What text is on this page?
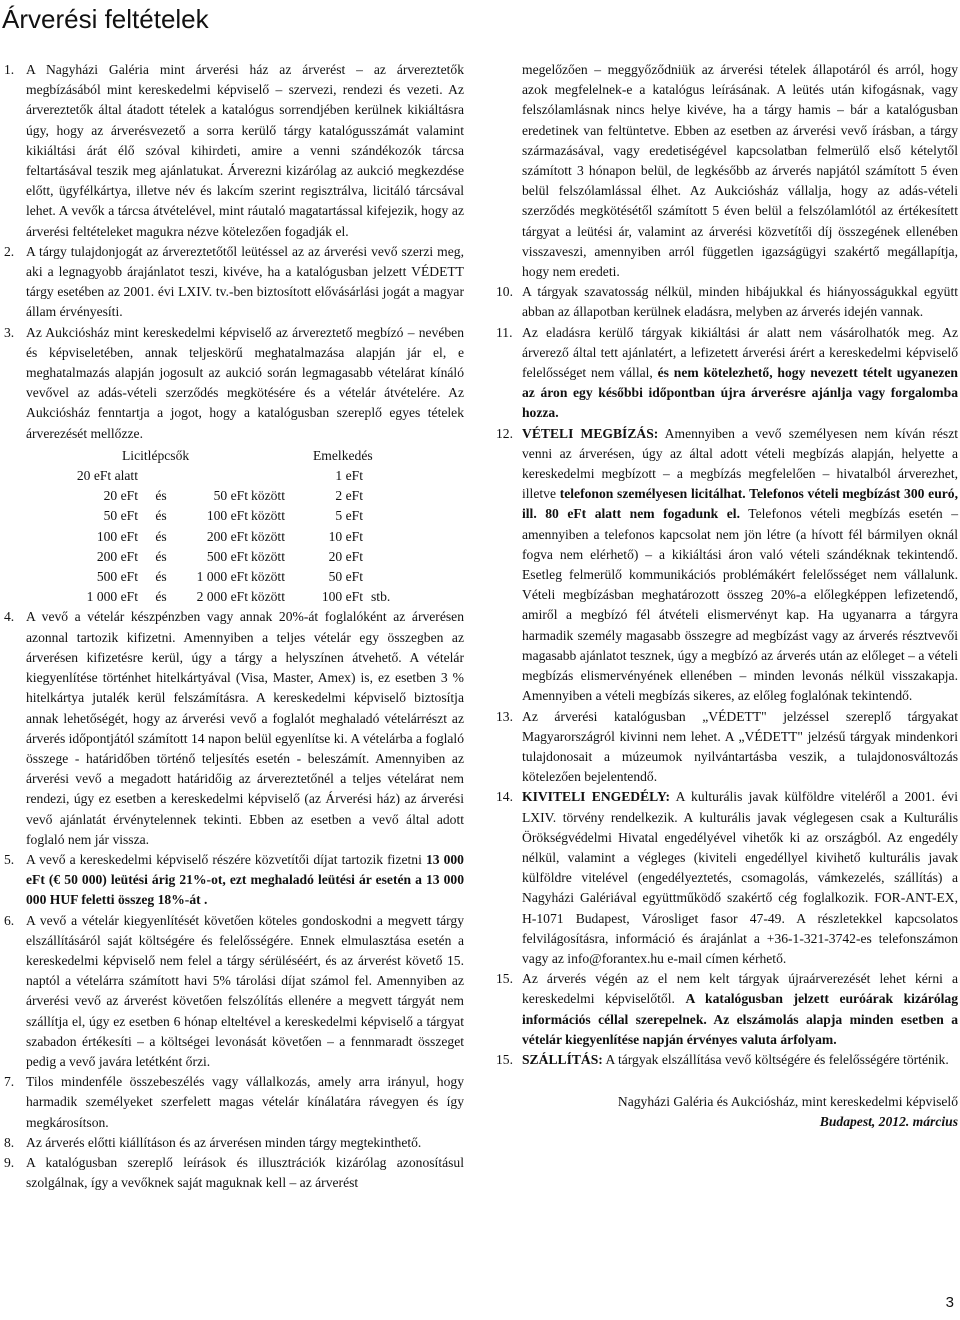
Árverési feltételek
1. A Nagyházi Galéria mint árverési ház az árverést – az árvereztetők megbízásából mint kereskedelmi képviselő – szervezi, rendezi és vezeti. Az árvereztetők által átadott tételek a katalógus sorrendjében kerülnek kikiáltásra úgy, hogy az árverésvezető a sorra kerülő tárgy katalógusszámát valamint kikiáltási árát élő szóval kihirdeti, amire a venni szándékozók tárcsa feltartásával teszik meg ajánlatukat. Árverezni kizárólag az aukció megkezdése előtt, ügyfélkártya, illetve név és lakcím szerint regisztrálva, licitáló tárcsával lehet. A vevők a tárcsa átvételével, mint ráutaló magatartással kifejezik, hogy az árverési feltételeket magukra nézve kötelezően fogadják el.

2. A tárgy tulajdonjogát az árvereztetőtől leütéssel az az árverési vevő szerzi meg, aki a legnagyobb árajánlatot teszi, kivéve, ha a katalógusban jelzett VÉDETT tárgy esetében az 2001. évi LXIV. tv.-ben biztosított elővásárlási jogát a magyar állam érvényesíti.

3. Az Aukciósház mint kereskedelmi képviselő az árvereztető megbízó – nevében és képviseletében, annak teljeskörű meghatalmazása alapján jár el, e meghatalmazás alapján jogosult az aukció során legmagasabb vételárat kínáló vevővel az adás-vételi szerződés megkötésére és a vételár átvételére. Az Aukciósház fenntartja a jogot, hogy a katalógusban szereplő egyes tételek árverezését mellőzze.

Licitlépcsők				Emelkedés	
20 eFt alatt				1 eFt	
20 eFt	és	50 eFt	között	2 eFt	
50 eFt	és	100 eFt	között	5 eFt	
100 eFt	és	200 eFt	között	10 eFt	
200 eFt	és	500 eFt	között	20 eFt	
500 eFt	és	1 000 eFt	között	50 eFt	
1 000 eFt	és	2 000 eFt	között	100 eFt	stb.
4. A vevő a vételár készpénzben vagy annak 20%-át foglalóként az árverésen azonnal tartozik kifizetni. Amennyiben a teljes vételár egy összegben az árverésen kifizetésre kerül, úgy a tárgy a helyszínen átvehető. A vételár kiegyenlítése történhet hitelkártyával (Visa, Master, Amex) is, ez esetben 3 % hitelkártya jutalék kerül felszámításra. A kereskedelmi képviselő biztosítja annak lehetőségét, hogy az árverési vevő a foglalót meghaladó vételárrészt az árverés időpontjától számított 14 napon belül egyenlítse ki. A vételárba a foglaló összege - határidőben történő teljesítés esetén - beleszámít. Amennyiben az árverési vevő a megadott határidőig az árvereztetőnél a teljes vételárat nem rendezi, úgy ez esetben a kereskedelmi képviselő (az Árverési ház) az árverési vevő ajánlatát érvénytelennek tekinti. Ebben az esetben a vevő által adott foglaló nem jár vissza.

5. A vevő a kereskedelmi képviselő részére közvetítői díjat tartozik fizetni 13 000 eFt (€ 50 000) leütési árig 21%-ot, ezt meghaladó leütési ár esetén a 13 000 000 HUF feletti összeg 18%-át .

6. A vevő a vételár kiegyenlítését követően köteles gondoskodni a megvett tárgy elszállításáról saját költségére és felelősségére. Ennek elmulasztása esetén a kereskedelmi képviselő nem felel a tárgy sérüléséért, és az árverést követő 15. naptól a vételárra számított havi 5% tárolási díjat számol fel. Amennyiben az árverési vevő az árverést követően felszólítás ellenére a megvett tárgyát nem szállítja el, úgy ez esetben 6 hónap elteltével a kereskedelmi képviselő a tárgyat szabadon értékesíti – a költségei levonását követően – a fennmaradt összeget pedig a vevő javára letétként őrzi.

7. Tilos mindenféle összebeszélés vagy vállalkozás, amely arra irányul, hogy harmadik személyeket szerfelett magas vételár kínálatára rávegyen és így megkárosítson.

8. Az árverés előtti kiállításon és az árverésen minden tárgy megtekinthető.

9. A katalógusban szereplő leírások és illusztrációk kizárólag azonosításul szolgálnak, így a vevőknek saját maguknak kell – az árverést

megelőzően – meggyőződniük az árverési tételek állapotáról és arról, hogy azok megfelelnek-e a katalógus leírásának. A leütés után kifogásnak, vagy felszólamlásnak nincs helye kivéve, ha a tárgy hamis – bár a katalógusban eredetinek van feltüntetve. Ebben az esetben az árverési vevő írásban, a tárgy származásával, vagy eredetiségével kapcsolatban felmerülő első kételytől számított 3 hónapon belül, de legkésőbb az árverés napjától számított 5 éven belül felszólamlással élhet. Az Aukciósház vállalja, hogy az adás-vételi szerződés megkötésétől számított 5 éven belül a felszólamlótól az értékesített tárgyat a leütési ár, valamint az árverési közvetítői díj összegének ellenében visszaveszi, amennyiben arról független igazságügyi szakértő megállapítja, hogy nem eredeti.

10. A tárgyak szavatosság nélkül, minden hibájukkal és hiányosságukkal együtt abban az állapotban kerülnek eladásra, melyben az árverés idején vannak.

11. Az eladásra kerülő tárgyak kikiáltási ár alatt nem vásárolhatók meg. Az árverező által tett ajánlatért, a lefizetett árverési árért a kereskedelmi képviselő felelősséget nem vállal, és nem kötelezhető, hogy nevezett tételt ugyanezen az áron egy későbbi időpontban újra árverésre ajánlja vagy forgalomba hozza.

12. VÉTELI MEGBÍZÁS: Amennyiben a vevő személyesen nem kíván részt venni az árverésen, úgy az által adott vételi megbízás alapján, helyette a kereskedelmi megbízott – a megbízás megfelelően – hivatalból árverezhet, illetve telefonon személyesen licitálhat. Telefonos vételi megbízást 300 euró, ill. 80 eFt alatt nem fogadunk el. Telefonos vételi megbízás esetén – amennyiben a telefonos kapcsolat nem jön létre (a hívott fél bármilyen oknál fogva nem elérhető) – a kikiáltási áron való vételi szándéknak tekintendő. Esetleg felmerülő kommunikációs problémákért felelősséget nem vállalunk. Vételi megbízásban meghatározott összeg 20%-a előlegképpen lefizetendő, amiről a megbízó fél átvételi elismervényt kap. Ha ugyanarra a tárgyra harmadik személy magasabb összegre ad megbízást vagy az árverés résztvevői magasabb ajánlatot tesznek, úgy a megbízó az árverés után az előleget – a vételi megbízás elismervényének ellenében – minden levonás nélkül visszakapja. Amennyiben a vételi megbízás sikeres, az előleg foglalónak tekintendő.

13. Az árverési katalógusban „VÉDETT" jelzéssel szereplő tárgyakat Magyarországról kivinni nem lehet. A „VÉDETT" jelzésű tárgyak mindenkori tulajdonosait a múzeumok nyilvántartásba veszik, a tulajdonosváltozás kötelezően bejelentendő.

14. KIVITELI ENGEDÉLY: A kulturális javak külföldre viteléről a 2001. évi LXIV. törvény rendelkezik. A kulturális javak véglegesen csak a Kulturális Örökségvédelmi Hivatal engedélyével vihetők ki az országból. Az engedély nélkül, valamint a végleges (kiviteli engedéllyel kivihető kulturális javak külföldre vitelével (engedélyeztetés, csomagolás, vámkezelés, szállítás) a Nagyházi Galériával együttműködő szakértő cég foglalkozik. FOR-ANT-EX, H-1071 Budapest, Városliget fasor 47-49. A részletekkel kapcsolatos felvilágosításra, információ és árajánlat a +36-1-321-3742-es telefonszámon vagy az info@forantex.hu e-mail címen kérhető.

15. Az árverés végén az el nem kelt tárgyak újraárverezését lehet kérni a kereskedelmi képviselőtől. A katalógusban jelzett euróárak kizárólag információs céllal szerepelnek. Az elszámolás alapja minden esetben a vételár kiegyenlítése napján érvényes valuta árfolyam.

15. SZÁLLÍTÁS: A tárgyak elszállítása vevő költségére és felelősségére történik.

Nagyházi Galéria és Aukciósház, mint kereskedelmi képviselő

Budapest, 2012. március

3
